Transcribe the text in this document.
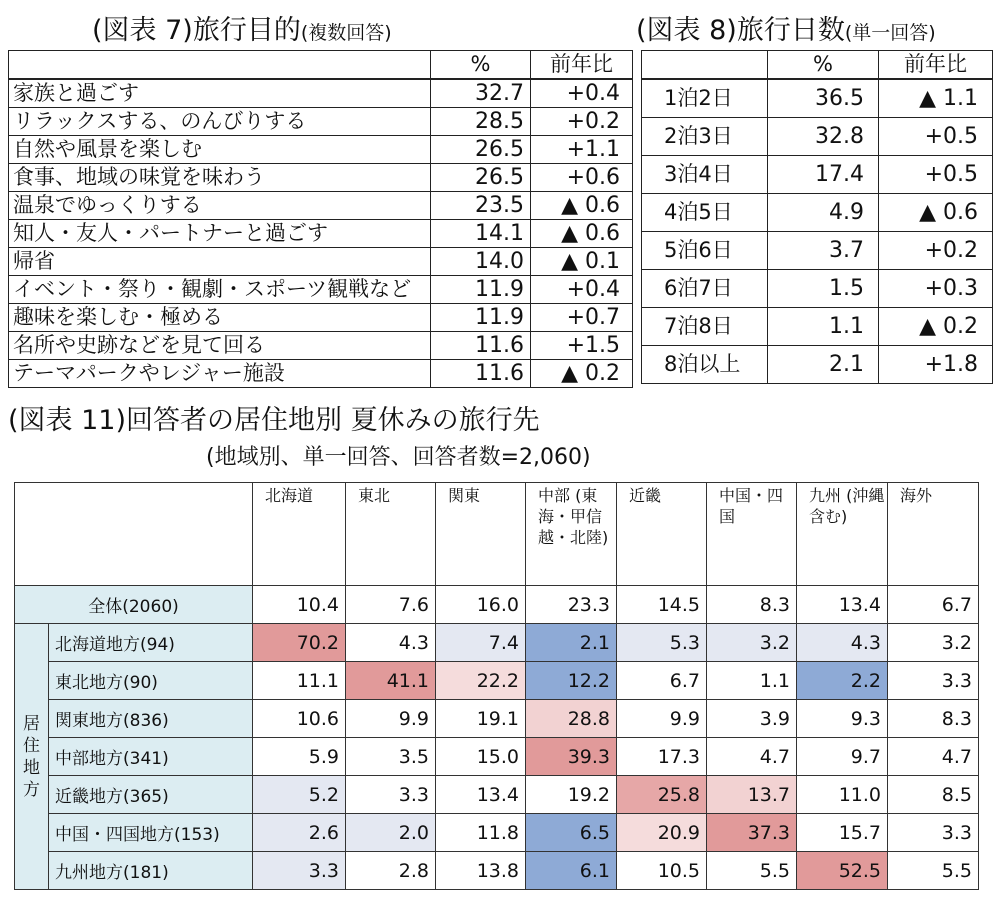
(図表 7)旅行目的(複数回答)	(図表 8)旅行日数(単一回答)
	%	前年比
家族と過ごす	32.7	+0.4
リラックスする、のんびりする	28.5	+0.2
自然や風景を楽しむ	26.5	+1.1
食事、地域の味覚を味わう	26.5	+0.6
温泉でゆっくりする	23.5	▲ 0.6
知人・友人・パートナーと過ごす	14.1	▲ 0.6
帰省	14.0	▲ 0.1
イベント・祭り・観劇・スポーツ観戦など	11.9	+0.4
趣味を楽しむ・極める	11.9	+0.7
名所や史跡などを見て回る	11.6	+1.5
テーマパークやレジャー施設	11.6	▲ 0.2
	%	前年比
1泊2日	36.5	▲ 1.1
2泊3日	32.8	+0.5
3泊4日	17.4	+0.5
4泊5日	4.9	▲ 0.6
5泊6日	3.7	+0.2
6泊7日	1.5	+0.3
7泊8日	1.1	▲ 0.2
8泊以上	2.1	+1.8
(図表 11)回答者の居住地別 夏休みの旅行先
(地域別、単一回答、回答者数=2,060)
		北海道	東北	関東	中部 (東海・甲信越・北陸)	近畿	中国・四国	九州 (沖縄含む)	海外
全体(2060)		10.4	7.6	16.0	23.3	14.5	8.3	13.4	6.7

居住地方	北海道地方(94)	70.2	4.3	7.4	2.1	5.3	3.2	4.3	3.2
	東北地方(90)	11.1	41.1	22.2	12.2	6.7	1.1	2.2	3.3
	関東地方(836)	10.6	9.9	19.1	28.8	9.9	3.9	9.3	8.3
	中部地方(341)	5.9	3.5	15.0	39.3	17.3	4.7	9.7	4.7
	近畿地方(365)	5.2	3.3	13.4	19.2	25.8	13.7	11.0	8.5
	中国・四国地方(153)	2.6	2.0	11.8	6.5	20.9	37.3	15.7	3.3
	九州地方(181)	3.3	2.8	13.8	6.1	10.5	5.5	52.5	5.5
